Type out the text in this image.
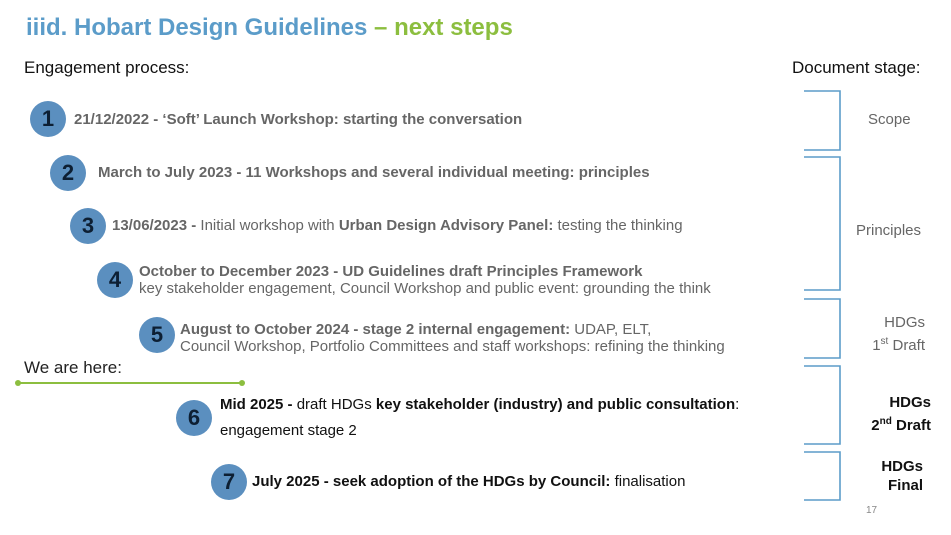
iiid. Hobart Design Guidelines – next steps
Engagement process:	Document stage:
1	21/12/2022 - ‘Soft’ Launch Workshop: starting the conversation
2	March to July 2023 - 11 Workshops and several individual meeting: principles
3	13/06/2023 - Initial workshop with Urban Design Advisory Panel: testing the thinking
4	October to December 2023 - UD Guidelines draft Principles Framework
key stakeholder engagement, Council Workshop and public event: grounding the think
5	August to October 2024 - stage 2 internal engagement: UDAP, ELT,
Council Workshop, Portfolio Committees and staff workshops: refining the thinking
We are here:
6
Mid 2025 - draft HDGs key stakeholder (industry) and public consultation:
engagement stage 2
7	July 2025 - seek adoption of the HDGs by Council: finalisation
Scope
Principles
HDGs
1st Draft
HDGs
2nd Draft
HDGs
Final
17
